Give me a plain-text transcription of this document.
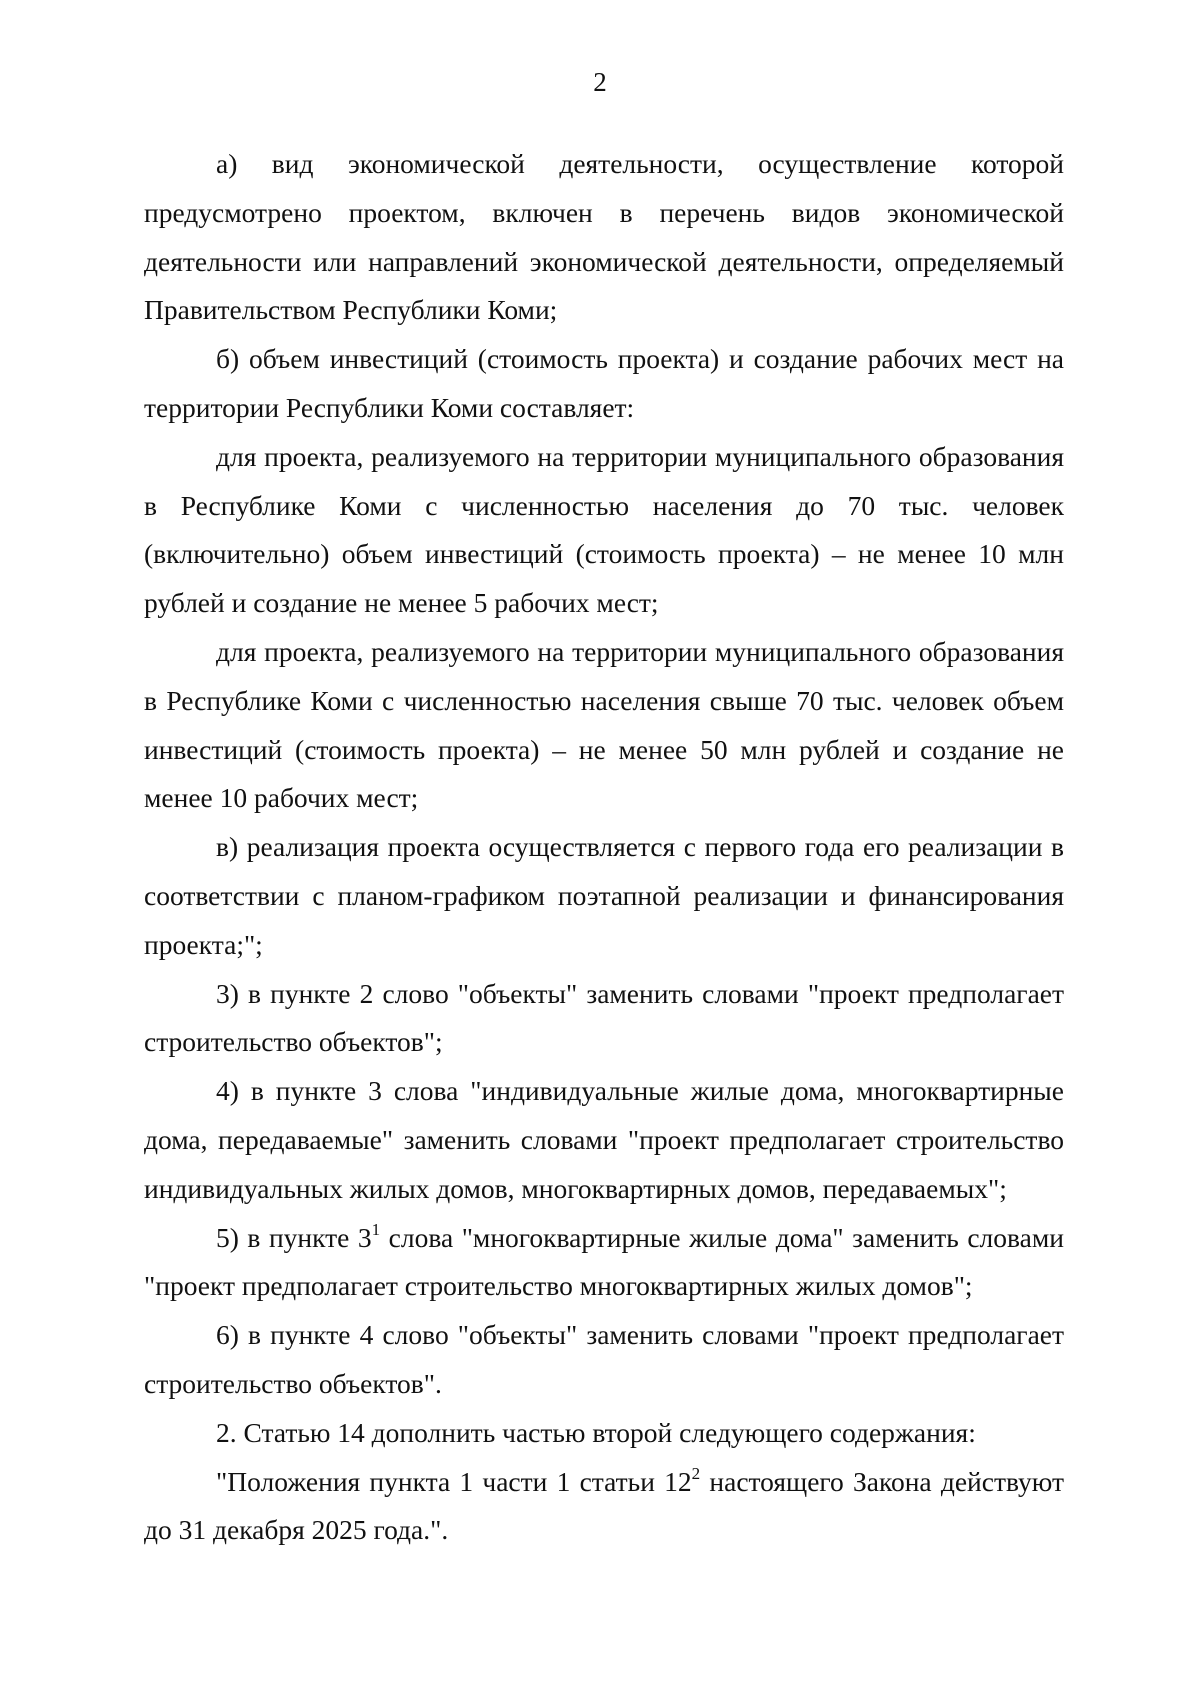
2

а) вид экономической деятельности, осуществление которой предусмотрено проектом, включен в перечень видов экономической деятельности или направлений экономической деятельности, определяемый Правительством Республики Коми;

б) объем инвестиций (стоимость проекта) и создание рабочих мест на территории Республики Коми составляет:

для проекта, реализуемого на территории муниципального образования в Республике Коми с численностью населения до 70 тыс. человек (включительно) объем инвестиций (стоимость проекта) – не менее 10 млн рублей и создание не менее 5 рабочих мест;

для проекта, реализуемого на территории муниципального образования в Республике Коми с численностью населения свыше 70 тыс. человек объем инвестиций (стоимость проекта) – не менее 50 млн рублей и создание не менее 10 рабочих мест;

в) реализация проекта осуществляется с первого года его реализации в соответствии с планом-графиком поэтапной реализации и финансирования проекта;";

3) в пункте 2 слово "объекты" заменить словами "проект предполагает строительство объектов";

4) в пункте 3 слова "индивидуальные жилые дома, многоквартирные дома, передаваемые" заменить словами "проект предполагает строительство индивидуальных жилых домов, многоквартирных домов, передаваемых";

5) в пункте $3^1$ слова "многоквартирные жилые дома" заменить словами "проект предполагает строительство многоквартирных жилых домов";

6) в пункте 4 слово "объекты" заменить словами "проект предполагает строительство объектов".

2. Статью 14 дополнить частью второй следующего содержания:

"Положения пункта 1 части 1 статьи $12^2$ настоящего Закона действуют до 31 декабря 2025 года.".
